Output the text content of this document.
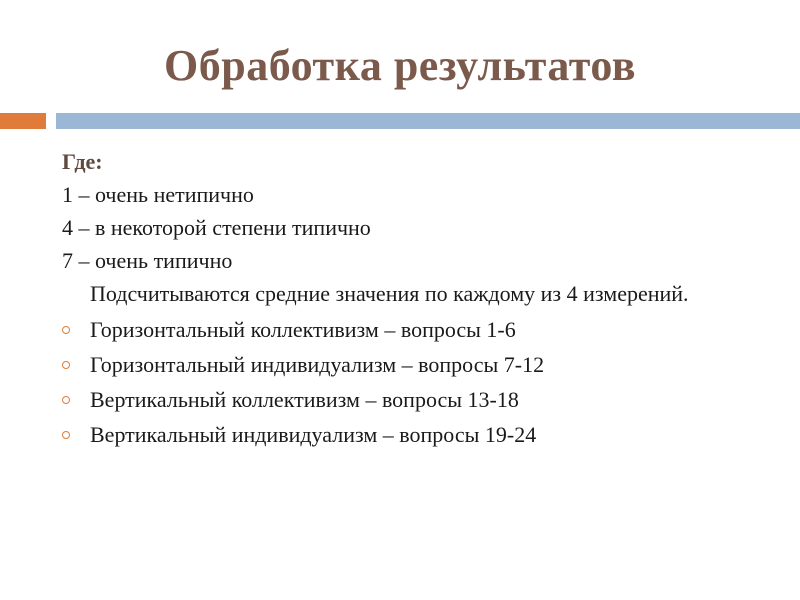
Обработка результатов
Где:
1 – очень нетипично
4 – в некоторой степени типично
7 – очень типично
Подсчитываются средние значения по каждому из 4 измерений.
Горизонтальный коллективизм – вопросы 1-6
Горизонтальный индивидуализм – вопросы 7-12
Вертикальный коллективизм – вопросы 13-18
Вертикальный индивидуализм – вопросы 19-24
